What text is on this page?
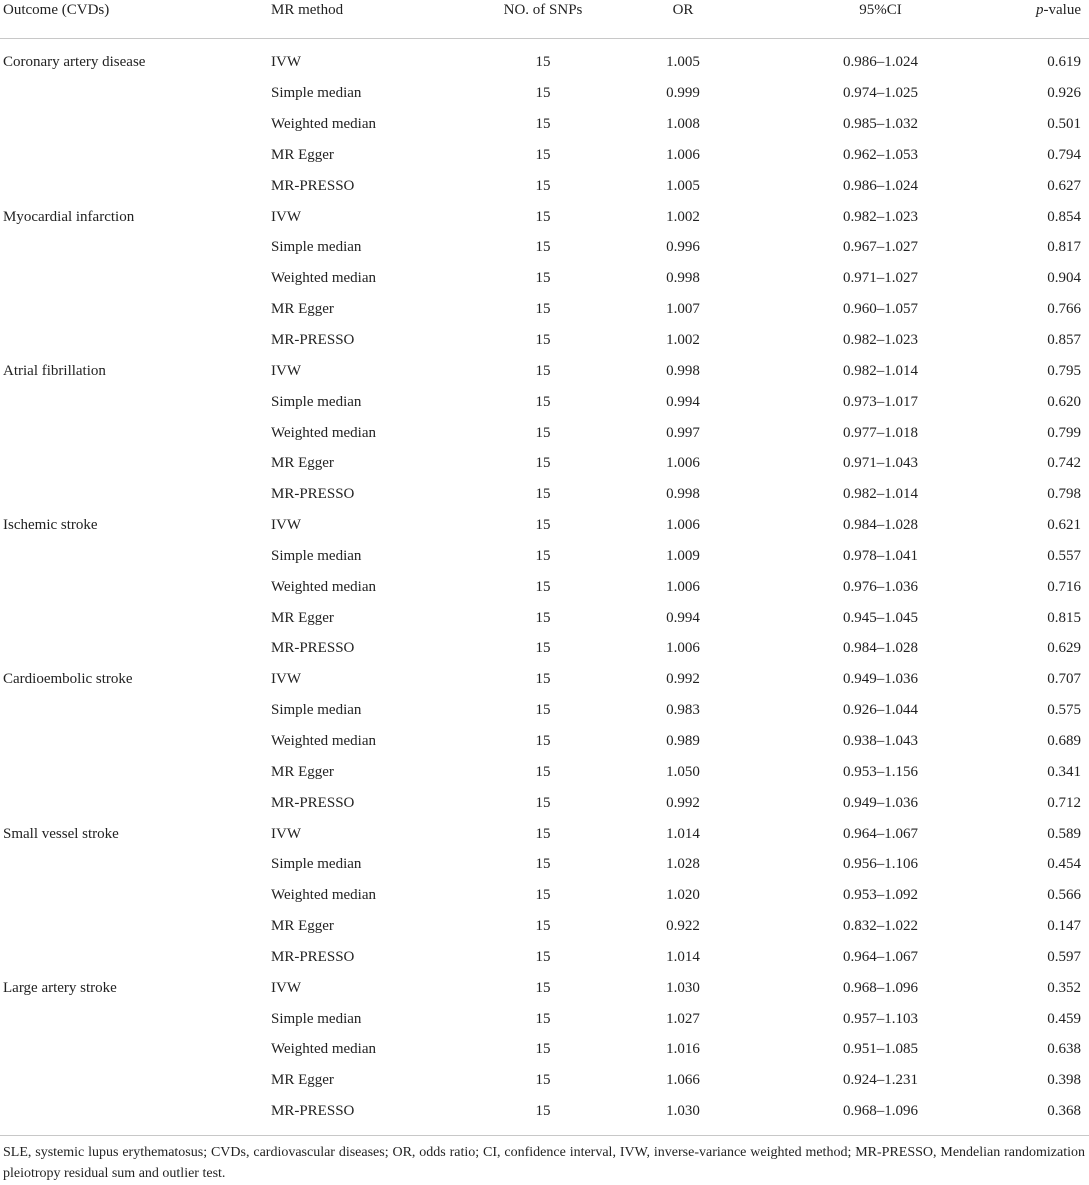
Outcome (CVDs)	MR method	NO. of SNPs	OR	95%CI	p-value

Coronary artery disease	IVW	15	1.005	0.986–1.024	0.619
	Simple median	15	0.999	0.974–1.025	0.926
	Weighted median	15	1.008	0.985–1.032	0.501
	MR Egger	15	1.006	0.962–1.053	0.794
	MR-PRESSO	15	1.005	0.986–1.024	0.627
Myocardial infarction	IVW	15	1.002	0.982–1.023	0.854
	Simple median	15	0.996	0.967–1.027	0.817
	Weighted median	15	0.998	0.971–1.027	0.904
	MR Egger	15	1.007	0.960–1.057	0.766
	MR-PRESSO	15	1.002	0.982–1.023	0.857
Atrial fibrillation	IVW	15	0.998	0.982–1.014	0.795
	Simple median	15	0.994	0.973–1.017	0.620
	Weighted median	15	0.997	0.977–1.018	0.799
	MR Egger	15	1.006	0.971–1.043	0.742
	MR-PRESSO	15	0.998	0.982–1.014	0.798
Ischemic stroke	IVW	15	1.006	0.984–1.028	0.621
	Simple median	15	1.009	0.978–1.041	0.557
	Weighted median	15	1.006	0.976–1.036	0.716
	MR Egger	15	0.994	0.945–1.045	0.815
	MR-PRESSO	15	1.006	0.984–1.028	0.629
Cardioembolic stroke	IVW	15	0.992	0.949–1.036	0.707
	Simple median	15	0.983	0.926–1.044	0.575
	Weighted median	15	0.989	0.938–1.043	0.689
	MR Egger	15	1.050	0.953–1.156	0.341
	MR-PRESSO	15	0.992	0.949–1.036	0.712
Small vessel stroke	IVW	15	1.014	0.964–1.067	0.589
	Simple median	15	1.028	0.956–1.106	0.454
	Weighted median	15	1.020	0.953–1.092	0.566
	MR Egger	15	0.922	0.832–1.022	0.147
	MR-PRESSO	15	1.014	0.964–1.067	0.597
Large artery stroke	IVW	15	1.030	0.968–1.096	0.352
	Simple median	15	1.027	0.957–1.103	0.459
	Weighted median	15	1.016	0.951–1.085	0.638
	MR Egger	15	1.066	0.924–1.231	0.398
	MR-PRESSO	15	1.030	0.968–1.096	0.368
SLE, systemic lupus erythematosus; CVDs, cardiovascular diseases; OR, odds ratio; CI, confidence interval, IVW, inverse-variance weighted method; MR-PRESSO, Mendelian randomization pleiotropy residual sum and outlier test.
